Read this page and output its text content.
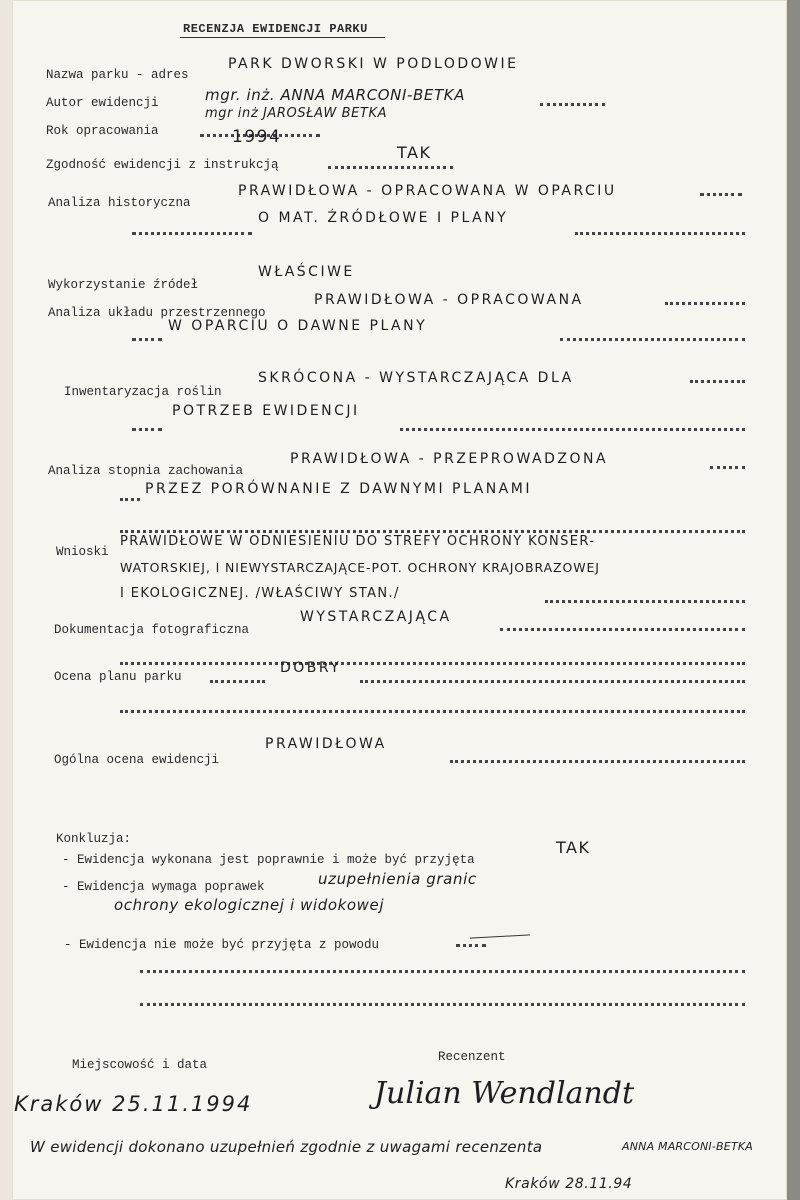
RECENZJA EWIDENCJI PARKU
Nazwa parku - adres
PARK DWORSKI W PODLODOWIE
Autor ewidencji	mgr. inż. ANNA MARCONI-BETKA
mgr inż JAROSŁAW BETKA
Rok opracowania	1994
Zgodność ewidencji z instrukcją
TAK
Analiza historyczna
PRAWIDŁOWA - OPRACOWANA W OPARCIU
O MAT. ŹRÓDŁOWE I PLANY
Wykorzystanie źródeł
WŁAŚCIWE
Analiza układu przestrzennego
PRAWIDŁOWA - OPRACOWANA
W OPARCIU O DAWNE PLANY
Inwentaryzacja roślin
SKRÓCONA - WYSTARCZAJĄCA DLA
POTRZEB EWIDENCJI
Analiza stopnia zachowania
PRAWIDŁOWA - PRZEPROWADZONA
PRZEZ PORÓWNANIE Z DAWNYMI PLANAMI
Wnioski
PRAWIDŁOWE W ODNIESIENIU DO STREFY OCHRONY KONSER-
WATORSKIEJ, I NIEWYSTARCZAJĄCE-POT. OCHRONY KRAJOBRAZOWEJ
I EKOLOGICZNEJ. /WŁAŚCIWY STAN./
Dokumentacja fotograficzna
WYSTARCZAJĄCA
Ocena planu parku
DOBRY
Ogólna ocena ewidencji
PRAWIDŁOWA
Konkluzja:
- Ewidencja wykonana jest poprawnie i może być przyjęta
TAK
- Ewidencja wymaga poprawek	uzupełnienia granic
ochrony ekologicznej i widokowej
- Ewidencja nie może być przyjęta z powodu
Miejscowość i data
Recenzent
Kraków 25.11.1994	Julian Wendlandt
W ewidencji dokonano uzupełnień zgodnie z uwagami recenzenta	ANNA MARCONI-BETKA
Kraków 28.11.94
